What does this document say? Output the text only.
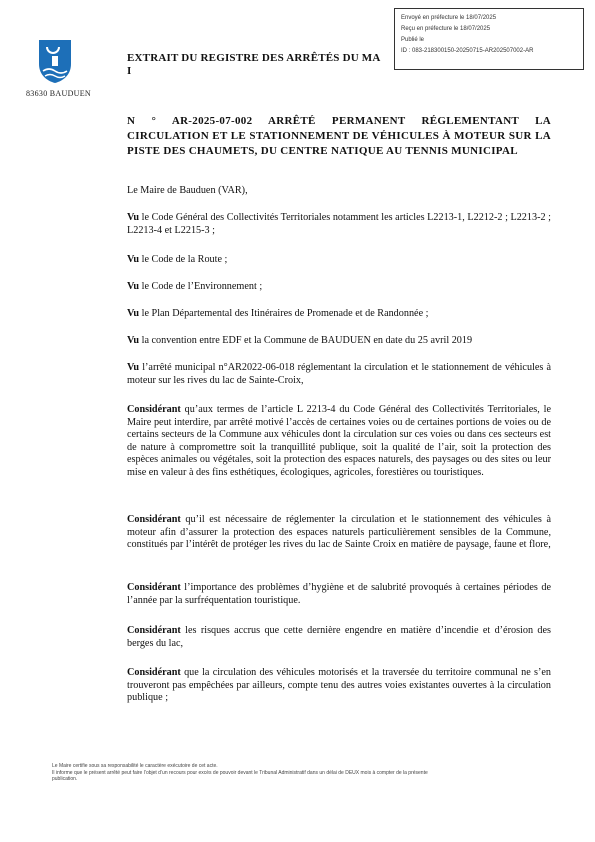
Envoyé en préfecture le 18/07/2025
Reçu en préfecture le 18/07/2025
Publié le
ID : 083-218300150-20250715-AR202507002-AR
83630 BAUDUEN
EXTRAIT DU REGISTRE DES ARRÊTÉS DU MA
I
N ° AR-2025-07-002 ARRÊTÉ PERMANENT RÉGLEMENTANT LA CIRCULATION ET LE STATIONNEMENT DE VÉHICULES À MOTEUR SUR LA PISTE DES CHAUMETS, DU CENTRE NATIQUE AU TENNIS MUNICIPAL
Le Maire de Bauduen (VAR),
Vu le Code Général des Collectivités Territoriales notamment les articles L2213-1, L2212-2 ; L2213-2 ; L2213-4 et L2215-3 ;
Vu le Code de la Route ;
Vu le Code de l’Environnement ;
Vu le Plan Départemental des Itinéraires de Promenade et de Randonnée ;
Vu la convention entre EDF et la Commune de BAUDUEN en date du 25 avril 2019
Vu l’arrêté municipal n°AR2022-06-018 réglementant la circulation et le stationnement de véhicules à moteur sur les rives du lac de Sainte-Croix,
Considérant qu’aux termes de l’article L 2213-4 du Code Général des Collectivités Territoriales, le Maire peut interdire, par arrêté motivé l’accès de certaines voies ou de certaines portions de voies ou de certains secteurs de la Commune aux véhicules dont la circulation sur ces voies ou dans ces secteurs est de nature à compromettre soit la tranquillité publique, soit la qualité de l’air, soit la protection des espèces animales ou végétales, soit la protection des espaces naturels, des paysages ou des sites ou leur mise en valeur à des fins esthétiques, écologiques, agricoles, forestières ou touristiques.
Considérant qu’il est nécessaire de réglementer la circulation et le stationnement des véhicules à moteur afin d’assurer la protection des espaces naturels particulièrement sensibles de la Commune, constitués par l’intérêt de protéger les rives du lac de Sainte Croix en matière de paysage, faune et flore,
Considérant l’importance des problèmes d’hygiène et de salubrité provoqués à certaines périodes de l’année par la surfréquentation touristique.
Considérant les risques accrus que cette dernière engendre en matière d’incendie et d’érosion des berges du lac,
Considérant que la circulation des véhicules motorisés et la traversée du territoire communal ne s’en trouveront pas empêchées par ailleurs, compte tenu des autres voies existantes ouvertes à la circulation publique ;
Le Maire certifie sous sa responsabilité le caractère exécutoire de cet acte.
Il informe que le présent arrêté peut faire l’objet d’un recours pour excès de pouvoir devant le Tribunal Administratif dans un délai de DEUX mois à compter de la présente publication.
